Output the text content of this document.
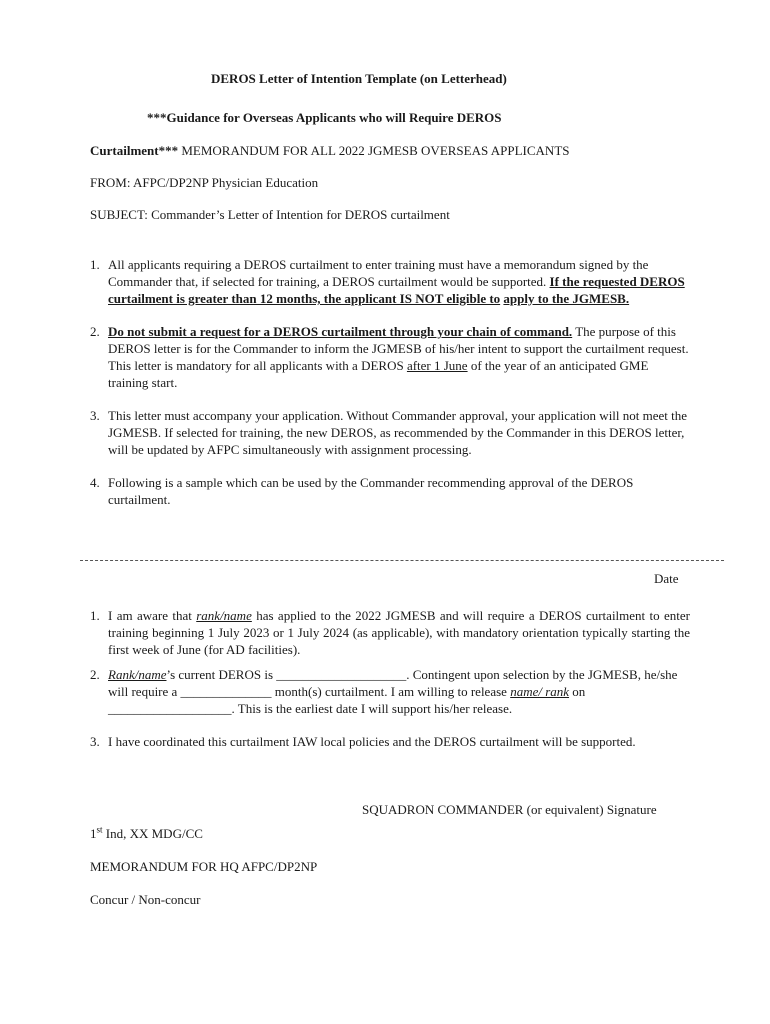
DEROS Letter of Intention Template (on Letterhead)
***Guidance for Overseas Applicants who will Require DEROS
Curtailment*** MEMORANDUM FOR ALL 2022 JGMESB OVERSEAS APPLICANTS
FROM: AFPC/DP2NP Physician Education
SUBJECT: Commander’s Letter of Intention for DEROS curtailment
1. All applicants requiring a DEROS curtailment to enter training must have a memorandum signed by the Commander that, if selected for training, a DEROS curtailment would be supported. If the requested DEROS curtailment is greater than 12 months, the applicant IS NOT eligible to apply to the JGMESB.

2. Do not submit a request for a DEROS curtailment through your chain of command. The purpose of this DEROS letter is for the Commander to inform the JGMESB of his/her intent to support the curtailment request. This letter is mandatory for all applicants with a DEROS after 1 June of the year of an anticipated GME training start.

3. This letter must accompany your application. Without Commander approval, your application will not meet the JGMESB. If selected for training, the new DEROS, as recommended by the Commander in this DEROS letter, will be updated by AFPC simultaneously with assignment processing.

4. Following is a sample which can be used by the Commander recommending approval of the DEROS curtailment.

Date
1. I am aware that rank/name has applied to the 2022 JGMESB and will require a DEROS curtailment to enter training beginning 1 July 2023 or 1 July 2024 (as applicable), with mandatory orientation typically starting the first week of June (for AD facilities).

2. Rank/name’s current DEROS is ____________________. Contingent upon selection by the JGMESB, he/she will require a ______________ month(s) curtailment. I am willing to release name/ rank on ___________________. This is the earliest date I will support his/her release.

3. I have coordinated this curtailment IAW local policies and the DEROS curtailment will be supported.

SQUADRON COMMANDER (or equivalent) Signature
1st Ind, XX MDG/CC
MEMORANDUM FOR HQ AFPC/DP2NP
Concur / Non-concur
